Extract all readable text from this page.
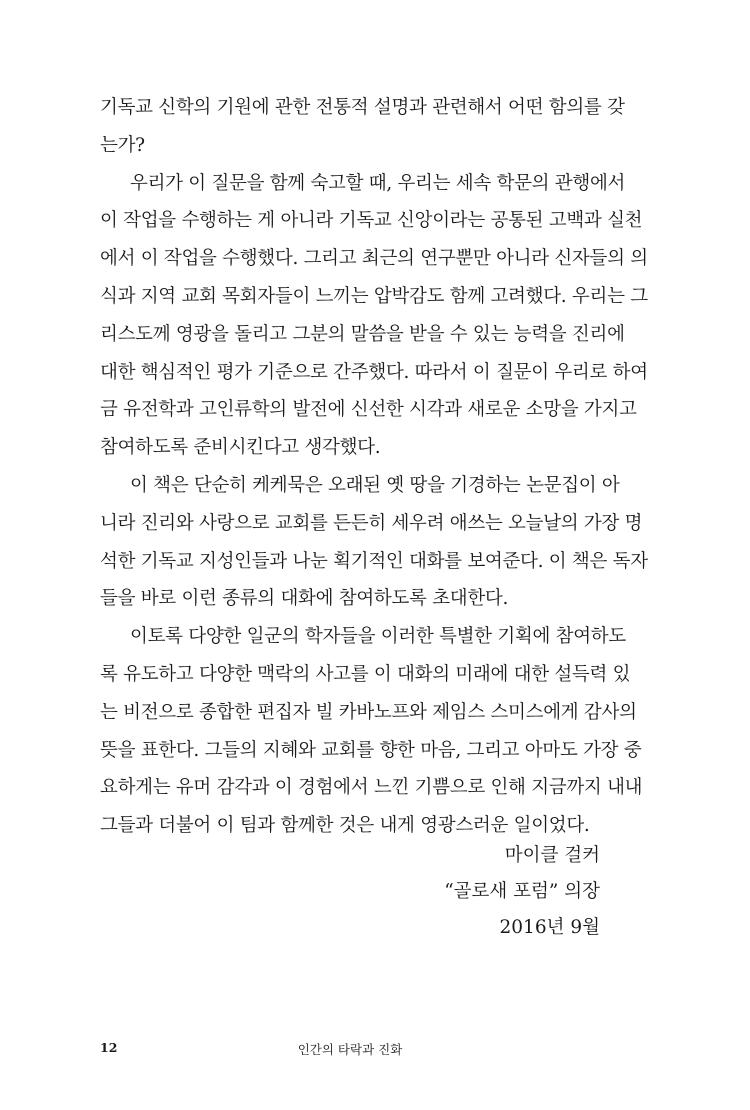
기독교 신학의 기원에 관한 전통적 설명과 관련해서 어떤 함의를 갖
는가?
우리가 이 질문을 함께 숙고할 때, 우리는 세속 학문의 관행에서
이 작업을 수행하는 게 아니라 기독교 신앙이라는 공통된 고백과 실천
에서 이 작업을 수행했다. 그리고 최근의 연구뿐만 아니라 신자들의 의
식과 지역 교회 목회자들이 느끼는 압박감도 함께 고려했다. 우리는 그
리스도께 영광을 돌리고 그분의 말씀을 받을 수 있는 능력을 진리에
대한 핵심적인 평가 기준으로 간주했다. 따라서 이 질문이 우리로 하여
금 유전학과 고인류학의 발전에 신선한 시각과 새로운 소망을 가지고
참여하도록 준비시킨다고 생각했다.
이 책은 단순히 케케묵은 오래된 옛 땅을 기경하는 논문집이 아
니라 진리와 사랑으로 교회를 든든히 세우려 애쓰는 오늘날의 가장 명
석한 기독교 지성인들과 나눈 획기적인 대화를 보여준다. 이 책은 독자
들을 바로 이런 종류의 대화에 참여하도록 초대한다.
이토록 다양한 일군의 학자들을 이러한 특별한 기획에 참여하도
록 유도하고 다양한 맥락의 사고를 이 대화의 미래에 대한 설득력 있
는 비전으로 종합한 편집자 빌 카바노프와 제임스 스미스에게 감사의
뜻을 표한다. 그들의 지혜와 교회를 향한 마음, 그리고 아마도 가장 중
요하게는 유머 감각과 이 경험에서 느낀 기쁨으로 인해 지금까지 내내
그들과 더불어 이 팀과 함께한 것은 내게 영광스러운 일이었다.
마이클 걸커
“골로새 포럼” 의장
2016년 9월
12	인간의 타락과 진화
